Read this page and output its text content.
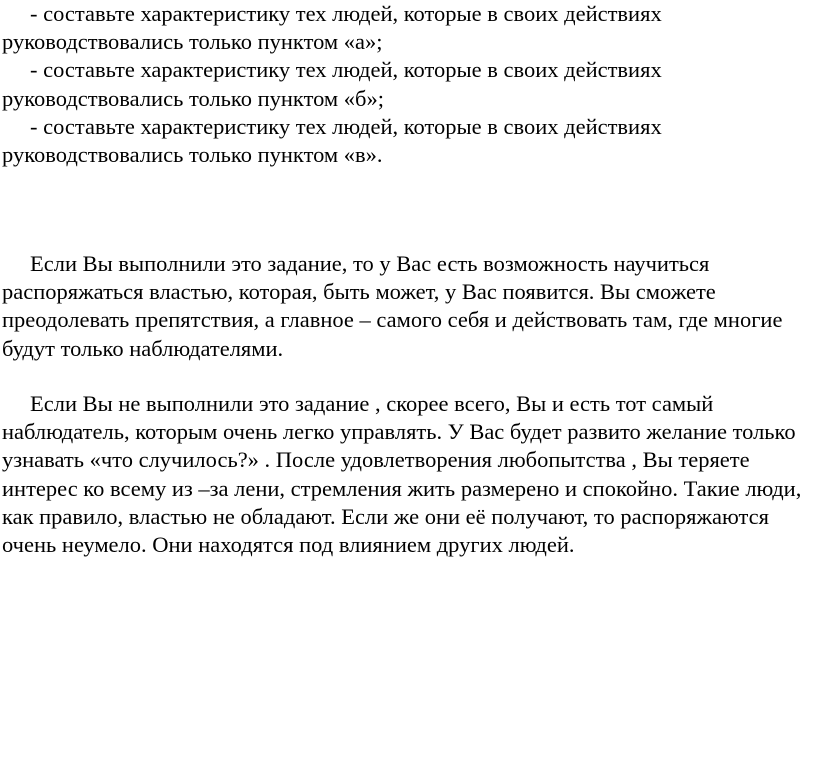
- составьте характеристику тех людей, которые в своих действиях руководствовались только пунктом «а»;

- составьте характеристику тех людей, которые в своих действиях руководствовались только пунктом «б»;

- составьте характеристику тех людей, которые в своих действиях руководствовались только пунктом «в».

Если Вы выполнили это задание, то у Вас есть возможность научиться распоряжаться властью, которая, быть может, у Вас появится. Вы сможете преодолевать препятствия, а главное – самого себя и действовать там, где многие будут только наблюдателями.

Если Вы не выполнили это задание , скорее всего, Вы и есть тот самый наблюдатель, которым очень легко управлять. У Вас будет развито желание только узнавать «что случилось?» . После удовлетворения любопытства , Вы теряете интерес ко всему из –за лени, стремления жить размерено и спокойно. Такие люди, как правило, властью не обладают. Если же они её получают, то распоряжаются очень неумело. Они находятся под влиянием других людей.
